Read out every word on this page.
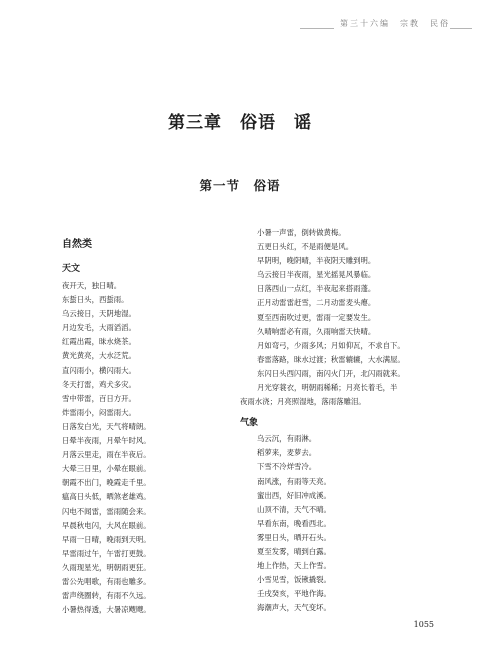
第三十六编　宗教　民俗
第三章　俗语　谣
第一节　俗语
自然类
天文
夜开天，独日晴。
东蜇日头，西蜇雨。
乌云接日，天阴地湿。
月边发毛，大雨滔滔。
红霞出霞，昧水烧茶。
黄光黄亮，大水泛荒。
直闪雨小，横闪雨大。
冬天打雷，鸡犬多灾。
雪中带雷，百日方开。
炸雷雨小，闷雷雨大。
日落发白光，天气将晴朗。
日晕半夜雨，月晕午时风。
月落云里走，雨在半夜后。
大晕三日里，小晕在眼前。
朝霞不出门，晚霞走千里。
瘟高日头低，晒煞老雄鸡。
闪电不闻雷，雷雨随会来。
早晨秋电闪，大风在眼前。
早雨一日晴，晚雨到天明。
早雷雨过午，午雷打更鼓。
久雨现星光，明朝雨更狂。
雷公先唱歌，有雨也雕多。
雷声绕圈转，有雨不久远。
小暑热得透，大暑凉飕飕。
小暑一声雷，倒转做黄梅。
五更日头红，不是雨便是风。
早阴明，晚阴晴，半夜阴天雕到明。
乌云接日半夜雨，星光摇晃风暴临。
日落西山一点红，半夜起来搭雨蓬。
正月动雷雷赶雪，二月动雷麦头瘪。
夏至西南吹过更，雷雨一定要发生。
久晴响雷必有雨，久雨响雷天快晴。
月如弯弓，少雨多风；月如仰瓦，不求自下。
春雷落路，昧水过渡；秋雷辘辘，大水满屋。
东闪日头西闪雨，南闪火门开，北闪雨就来。
月光穿蓑衣，明朝雨稀稀；月亮长着毛，半
夜雨水浇；月亮照湿地，落雨落雕泪。
气象
乌云沉，有雨淋。
稻萝来，麦萝去。
下雪不冷烊雪冷。
南风涨，有雨等天亮。
蜜出西，好旧冲成溪。
山顶不清，天气不晴。
早看东南，晚看西北。
雾里日头，晒开石头。
夏至发雾，晴到白露。
地上作热，天上作雪。
小雪见雪，饭锹撬裂。
壬戌癸亥，平地作海。
海潮声大，天气变坏。
1055
